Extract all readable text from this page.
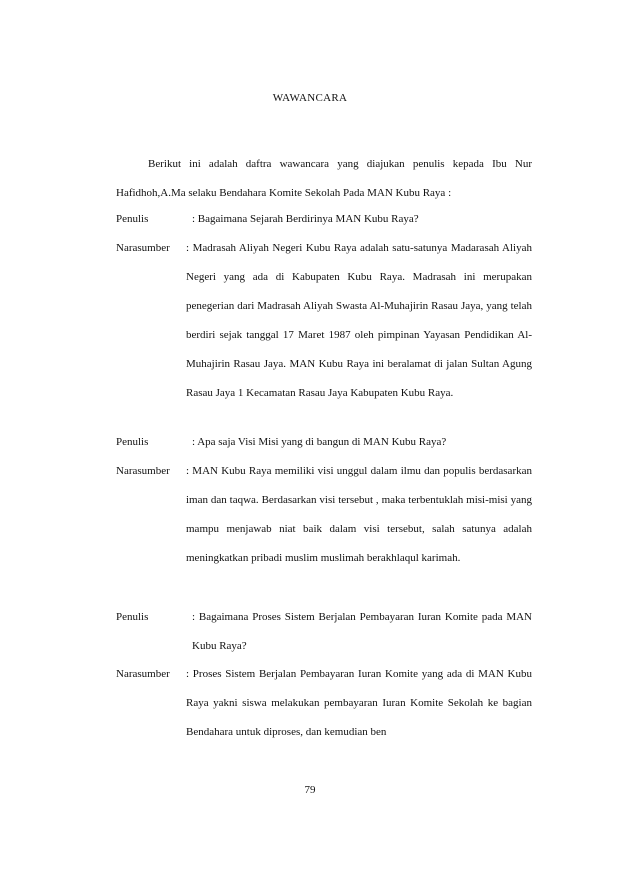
WAWANCARA

Berikut ini adalah daftra wawancara yang diajukan penulis kepada Ibu Nur Hafidhoh,A.Ma selaku Bendahara Komite Sekolah Pada MAN Kubu Raya :

Penulis	: Bagaimana Sejarah Berdirinya MAN Kubu Raya?
Narasumber : Madrasah Aliyah Negeri Kubu Raya adalah satu-satunya Madarasah Aliyah Negeri yang ada di Kabupaten Kubu Raya. Madrasah ini merupakan penegerian dari Madrasah Aliyah Swasta Al-Muhajirin Rasau Jaya, yang telah berdiri sejak tanggal 17 Maret 1987 oleh pimpinan Yayasan Pendidikan Al-Muhajirin Rasau Jaya. MAN Kubu Raya ini beralamat di jalan Sultan Agung Rasau Jaya 1 Kecamatan Rasau Jaya Kabupaten Kubu Raya.
Penulis	: Apa saja Visi Misi yang di bangun di MAN Kubu Raya?
Narasumber : MAN Kubu Raya memiliki visi unggul dalam ilmu dan populis berdasarkan iman dan taqwa. Berdasarkan visi tersebut , maka terbentuklah misi-misi yang mampu menjawab niat baik dalam visi tersebut, salah satunya adalah meningkatkan pribadi muslim muslimah berakhlaqul karimah.
Penulis	: Bagaimana Proses Sistem Berjalan Pembayaran Iuran Komite pada MAN Kubu Raya?
Narasumber : Proses Sistem Berjalan Pembayaran Iuran Komite yang ada di MAN Kubu Raya yakni siswa melakukan pembayaran Iuran Komite Sekolah ke bagian Bendahara untuk diproses, dan kemudian ben
79
